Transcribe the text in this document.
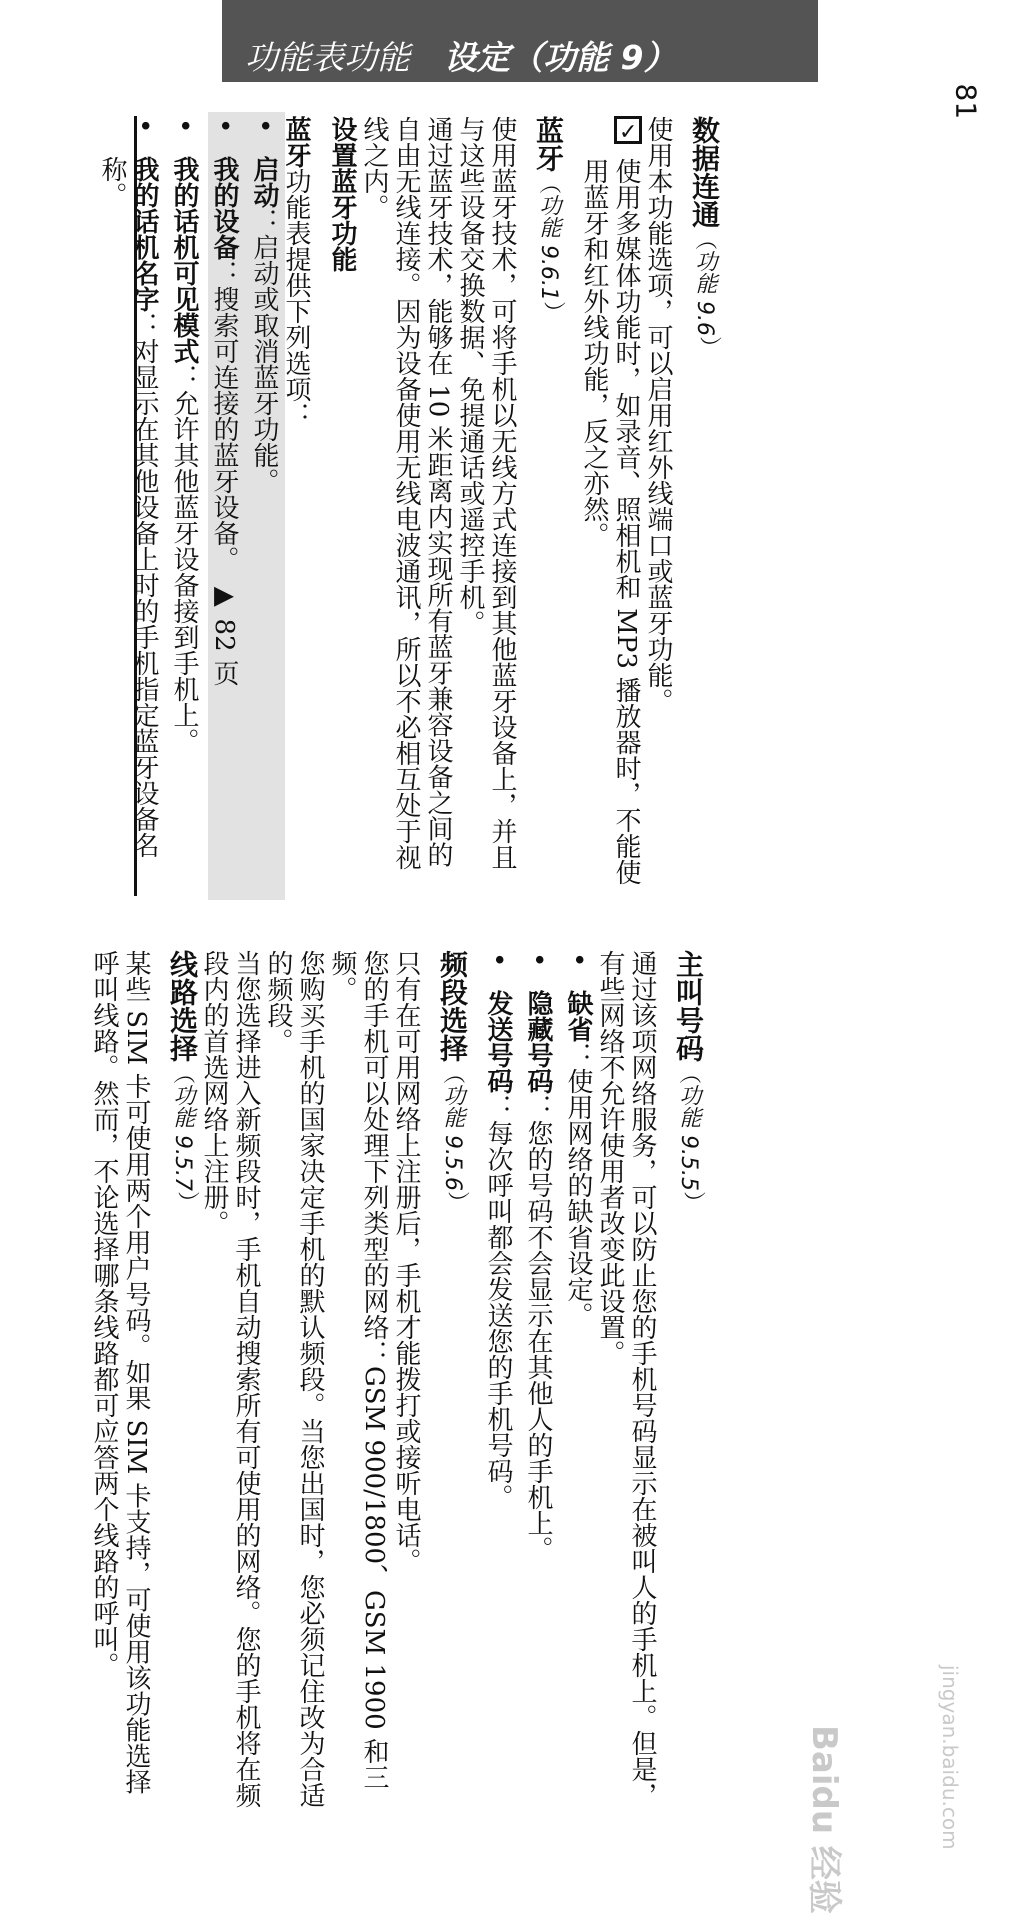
功能表功能 设定（功能 9）
81
数据连通（功能 9.6）

使用本功能选项，可以启用红外线端口或蓝牙功能。

✓
使用多媒体功能时，如录音、照相机和 MP3 播放器时，不能使用蓝牙和红外线功能，反之亦然。
蓝牙（功能 9.6.1）

使用蓝牙技术，可将手机以无线方式连接到其他蓝牙设备上，并且与这些设备交换数据、免提通话或遥控手机。

通过蓝牙技术，能够在 10 米距离内实现所有蓝牙兼容设备之间的自由无线连接。因为设备使用无线电波通讯，所以不必相互处于视线之内。

设置蓝牙功能

蓝牙功能表提供下列选项：

• 启动：启动或取消蓝牙功能。
• 我的设备：搜索可连接的蓝牙设备。 ▶ 82 页
• 我的话机可见模式：允许其他蓝牙设备接到手机上。
• 我的话机名字：对显示在其他设备上时的手机指定蓝牙设备名称。
主叫号码（功能 9.5.5）

通过该项网络服务，可以防止您的手机号码显示在被叫人的手机上。但是，有些网络不允许使用者改变此设置。

• 缺省：使用网络的缺省设定。
• 隐藏号码：您的号码不会显示在其他人的手机上。
• 发送号码：每次呼叫都会发送您的手机号码。
频段选择（功能 9.5.6）

只有在可用网络上注册后，手机才能拨打或接听电话。

您的手机可以处理下列类型的网络：GSM 900/1800、GSM 1900 和三频。

您购买手机的国家决定手机的默认频段。当您出国时，您必须记住改为合适的频段。

当您选择进入新频段时，手机自动搜索所有可使用的网络。您的手机将在频段内的首选网络上注册。

线路选择（功能 9.5.7）

某些 SIM 卡可使用两个用户号码。如果 SIM 卡支持，可使用该功能选择呼叫线路。然而，不论选择哪条线路都可应答两个线路的呼叫。

Baidu 经验	jingyan.baidu.com
